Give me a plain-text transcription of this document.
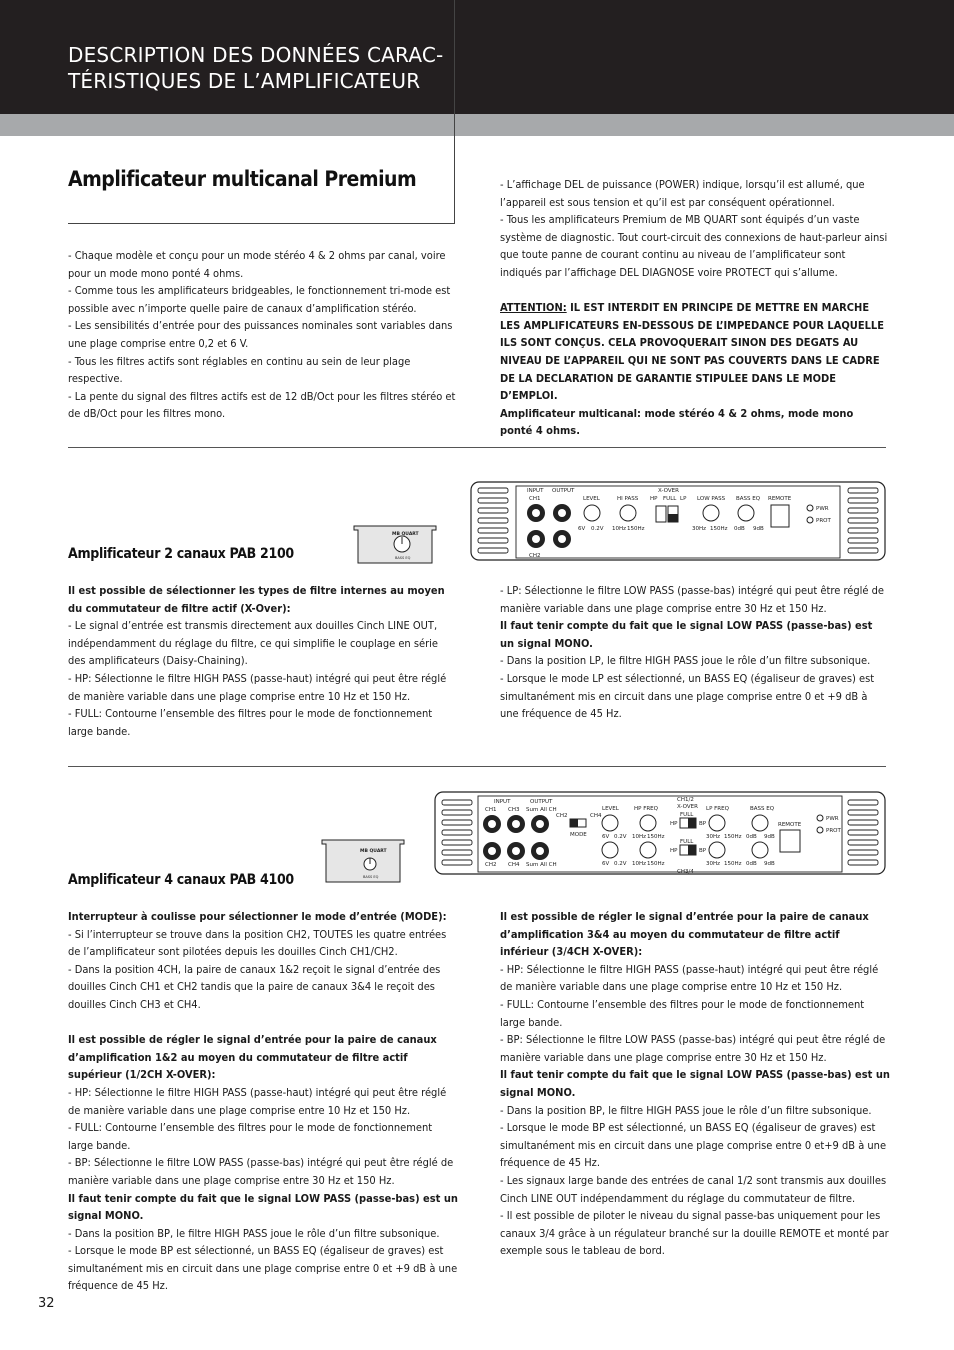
DESCRIPTION DES DONNÉES CARAC-
TÉRISTIQUES DE L’AMPLIFICATEUR
Amplificateur multicanal Premium

- Chaque modèle et conçu pour un mode stéréo 4 & 2 ohms par canal, voire pour un mode mono ponté 4 ohms.

- Comme tous les amplificateurs bridgeables, le fonctionnement tri-mode est possible avec n’importe quelle paire de canaux d’amplification stéréo.

- Les sensibilités d’entrée pour des puissances nominales sont variables dans une plage comprise entre 0,2 et 6 V.

- Tous les filtres actifs sont réglables en continu au sein de leur plage respective.

- La pente du signal des filtres actifs est de 12 dB/Oct pour les filtres stéréo et de dB/Oct pour les filtres mono.

- L’affichage DEL de puissance (POWER) indique, lorsqu’il est allumé, que l’appareil est sous tension et qu’il est par conséquent opérationnel.

- Tous les amplificateurs Premium de MB QUART sont équipés d’un vaste système de diagnostic. Tout court-circuit des connexions de haut-parleur ainsi que toute panne de courant continu au niveau de l’amplificateur sont indiqués par l’affichage DEL DIAGNOSE voire PROTECT qui s’allume.

ATTENTION: IL EST INTERDIT EN PRINCIPE DE METTRE EN MARCHE LES AMPLIFICATEURS EN-DESSOUS DE L’IMPEDANCE POUR LAQUELLE ILS SONT CONÇUS. CELA PROVOQUERAIT SINON DES DEGATS AU NIVEAU DE L’APPAREIL QUI NE SONT PAS COUVERTS DANS LE CADRE DE LA DECLARATION DE GARANTIE STIPULEE DANS LE MODE D’EMPLOI.

Amplificateur multicanal: mode stéréo 4 & 2 ohms, mode mono ponté 4 ohms.

INPUT OUTPUT
CH1
CH2
LEVEL	HI PASS
X-OVER
HP FULL LP LOW PASS BASS EQ REMOTE
PWR
PROT
6V 0.2V 10Hz 150Hz	30Hz 150Hz 0dB 9dB
MB QUART
BASS EQ
Amplificateur 2 canaux PAB 2100

Il est possible de sélectionner les types de filtre internes au moyen du commutateur de filtre actif (X-Over):

- Le signal d’entrée est transmis directement aux douilles Cinch LINE OUT, indépendamment du réglage du filtre, ce qui simplifie le couplage en série des amplificateurs (Daisy-Chaining).

- HP: Sélectionne le filtre HIGH PASS (passe-haut) intégré qui peut être réglé de manière variable dans une plage comprise entre 10 Hz et 150 Hz.

- FULL: Contourne l’ensemble des filtres pour le mode de fonctionnement large bande.

- LP: Sélectionne le filtre LOW PASS (passe-bas) intégré qui peut être réglé de manière variable dans une plage comprise entre 30 Hz et 150 Hz.

Il faut tenir compte du fait que le signal LOW PASS (passe-bas) est un signal MONO.

- Dans la position LP, le filtre HIGH PASS joue le rôle d’un filtre subsonique.

- Lorsque le mode LP est sélectionné, un BASS EQ (égaliseur de graves) est simultanément mis en circuit dans une plage comprise entre 0 et +9 dB à une fréquence de 45 Hz.

INPUT	OUTPUT
CH1 CH3 Sum All CH
CH2 CH4 Sum All CH
CH2	CH4
MODE
LEVEL	HP FREQ
CH1/2
X-OVER
CH3/4
HP
FULL
BP
HP
FULL
BP
LP FREQ	BASS EQ
REMOTE
PWR
PROT
6V 0.2V 10Hz 150Hz	30Hz 150Hz 0dB 9dB
6V 0.2V 10Hz 150Hz	30Hz 150Hz 0dB 9dB
MB QUART
BASS EQ
Amplificateur 4 canaux PAB 4100

Interrupteur à coulisse pour sélectionner le mode d’entrée (MODE):

- Si l’interrupteur se trouve dans la position CH2, TOUTES les quatre entrées de l’amplificateur sont pilotées depuis les douilles Cinch CH1/CH2.

- Dans la position 4CH, la paire de canaux 1&2 reçoit le signal d’entrée des douilles Cinch CH1 et CH2 tandis que la paire de canaux 3&4 le reçoit des douilles Cinch CH3 et CH4.

Il est possible de régler le signal d’entrée pour la paire de canaux d’amplification 1&2 au moyen du commutateur de filtre actif supérieur (1/2CH X-OVER):

- HP: Sélectionne le filtre HIGH PASS (passe-haut) intégré qui peut être réglé de manière variable dans une plage comprise entre 10 Hz et 150 Hz.

- FULL: Contourne l’ensemble des filtres pour le mode de fonctionnement large bande.

- BP: Sélectionne le filtre LOW PASS (passe-bas) intégré qui peut être réglé de manière variable dans une plage comprise entre 30 Hz et 150 Hz.

Il faut tenir compte du fait que le signal LOW PASS (passe-bas) est un signal MONO.

- Dans la position BP, le filtre HIGH PASS joue le rôle d’un filtre subsonique.

- Lorsque le mode BP est sélectionné, un BASS EQ (égaliseur de graves) est simultanément mis en circuit dans une plage comprise entre 0 et +9 dB à une fréquence de 45 Hz.

Il est possible de régler le signal d’entrée pour la paire de canaux d’amplification 3&4 au moyen du commutateur de filtre actif inférieur (3/4CH X-OVER):

- HP: Sélectionne le filtre HIGH PASS (passe-haut) intégré qui peut être réglé de manière variable dans une plage comprise entre 10 Hz et 150 Hz.

- FULL: Contourne l’ensemble des filtres pour le mode de fonctionnement large bande.

- BP: Sélectionne le filtre LOW PASS (passe-bas) intégré qui peut être réglé de manière variable dans une plage comprise entre 30 Hz et 150 Hz.

Il faut tenir compte du fait que le signal LOW PASS (passe-bas) est un signal MONO.

- Dans la position BP, le filtre HIGH PASS joue le rôle d’un filtre subsonique.

- Lorsque le mode BP est sélectionné, un BASS EQ (égaliseur de graves) est simultanément mis en circuit dans une plage comprise entre 0 et+9 dB à une fréquence de 45 Hz.

- Les signaux large bande des entrées de canal 1/2 sont transmis aux douilles Cinch LINE OUT indépendamment du réglage du commutateur de filtre.

- Il est possible de piloter le niveau du signal passe-bas uniquement pour les canaux 3/4 grâce à un régulateur branché sur la douille REMOTE et monté par exemple sous le tableau de bord.

32
